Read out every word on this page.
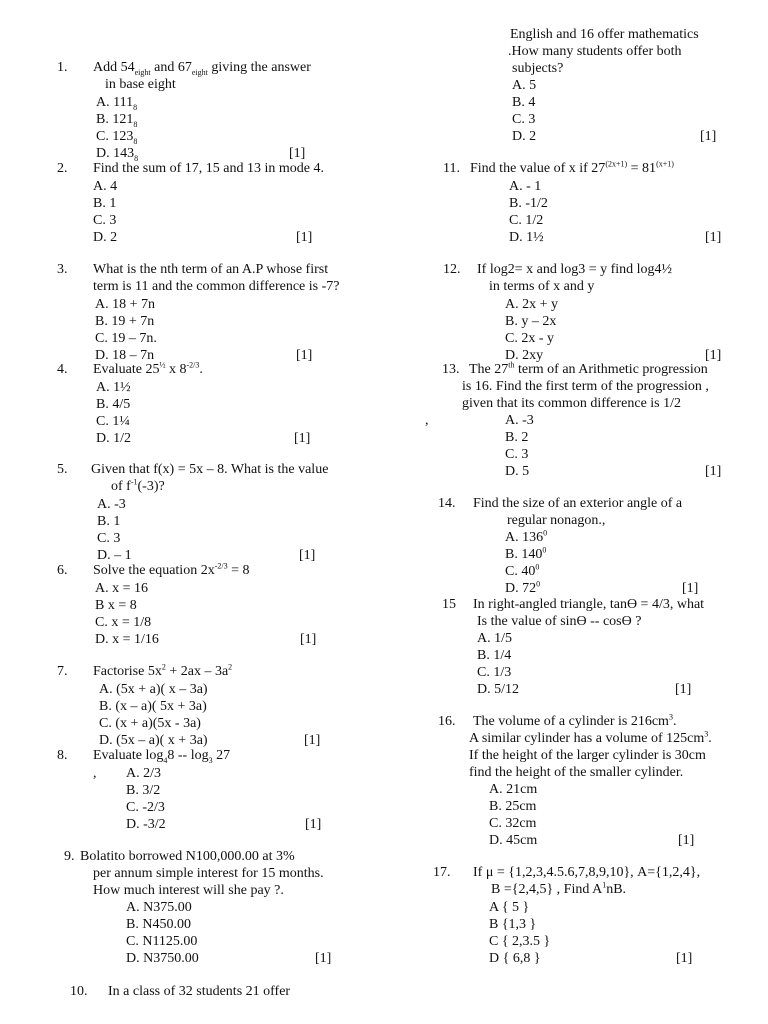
1. Add $54_{eight}$ and $67_{eight}$ giving the answer
in base eight
A. $111_8$
B. $121_8$
C. $123_8$
D. $143_8$	[1]
2. Find the sum of 17, 15 and 13 in mode 4.
A. 4
B. 1
C. 3
D. 2	[1]
3. What is the nth term of an A.P whose first
term is 11 and the common difference is -7?
A. 18 + 7n
B. 19 + 7n
C. 19 – 7n.
D. 18 – 7n	[1]
4. Evaluate $25^{\frac{1}{2}}$ x $8^{-2/3}$.
A. 1½
B. 4/5
C. 1¼
D. 1/2	[1]
5. Given that f(x) = 5x – 8. What is the value
of $f^{-1}(-3)$?
A. -3
B. 1
C. 3
D. – 1	[1]
6. Solve the equation $2x^{-2/3} = 8$
A. x = 16
B x = 8
C. x = 1/8
D. x = 1/16	[1]
7. Factorise $5x^2 + 2ax - 3a^2$
A. (5x + a)( x – 3a)
B. (x – a)( 5x + 3a)
C. (x + a)(5x - 3a)
D. (5x – a)( x + 3a)	[1]
8. Evaluate $\log_48 -- \log_3 27$
, A. 2/3
B. 3/2
C. -2/3
D. -3/2	[1]
9. Bolatito borrowed N100,000.00 at 3%
per annum simple interest for 15 months.
How much interest will she pay ?.
A. N375.00
B. N450.00
C. N1125.00
D. N3750.00	[1]
10. In a class of 32 students 21 offer
English and 16 offer mathematics
.How many students offer both
subjects?
A. 5
B. 4
C. 3
D. 2	[1]
11. Find the value of x if $27^{(2x+1)} = 81^{(x+1)}$
A. - 1
B. -1/2
C. 1/2
D. 1½	[1]
12. If log2= x and log3 = y find log4½
in terms of x and y
A. 2x + y
B. y – 2x
C. 2x - y
D. 2xy	[1]
13. The 27th term of an Arithmetic progression
is 16. Find the first term of the progression ,
given that its common difference is 1/2
,	A. -3
B. 2
C. 3
D. 5	[1]
14. Find the size of an exterior angle of a
regular nonagon.,
A. $136^0$
B. $140^0$
C. $40^0$
D. $72^0$	[1]
15 In right-angled triangle, tanϴ = 4/3, what
Is the value of sinϴ -- cosϴ ?
A. 1/5
B. 1/4
C. 1/3
D. 5/12	[1]
16. The volume of a cylinder is $216cm^3$.
A similar cylinder has a volume of $125cm^3$.
If the height of the larger cylinder is 30cm
find the height of the smaller cylinder.
A. 21cm
B. 25cm
C. 32cm
D. 45cm	[1]
17. If μ = {1,2,3,4.5.6,7,8,9,10}, A={1,2,4},
B ={2,4,5} , Find $A^1nB$.
A { 5 }
B {1,3 }
C { 2,3.5 }
D { 6,8 }	[1]
